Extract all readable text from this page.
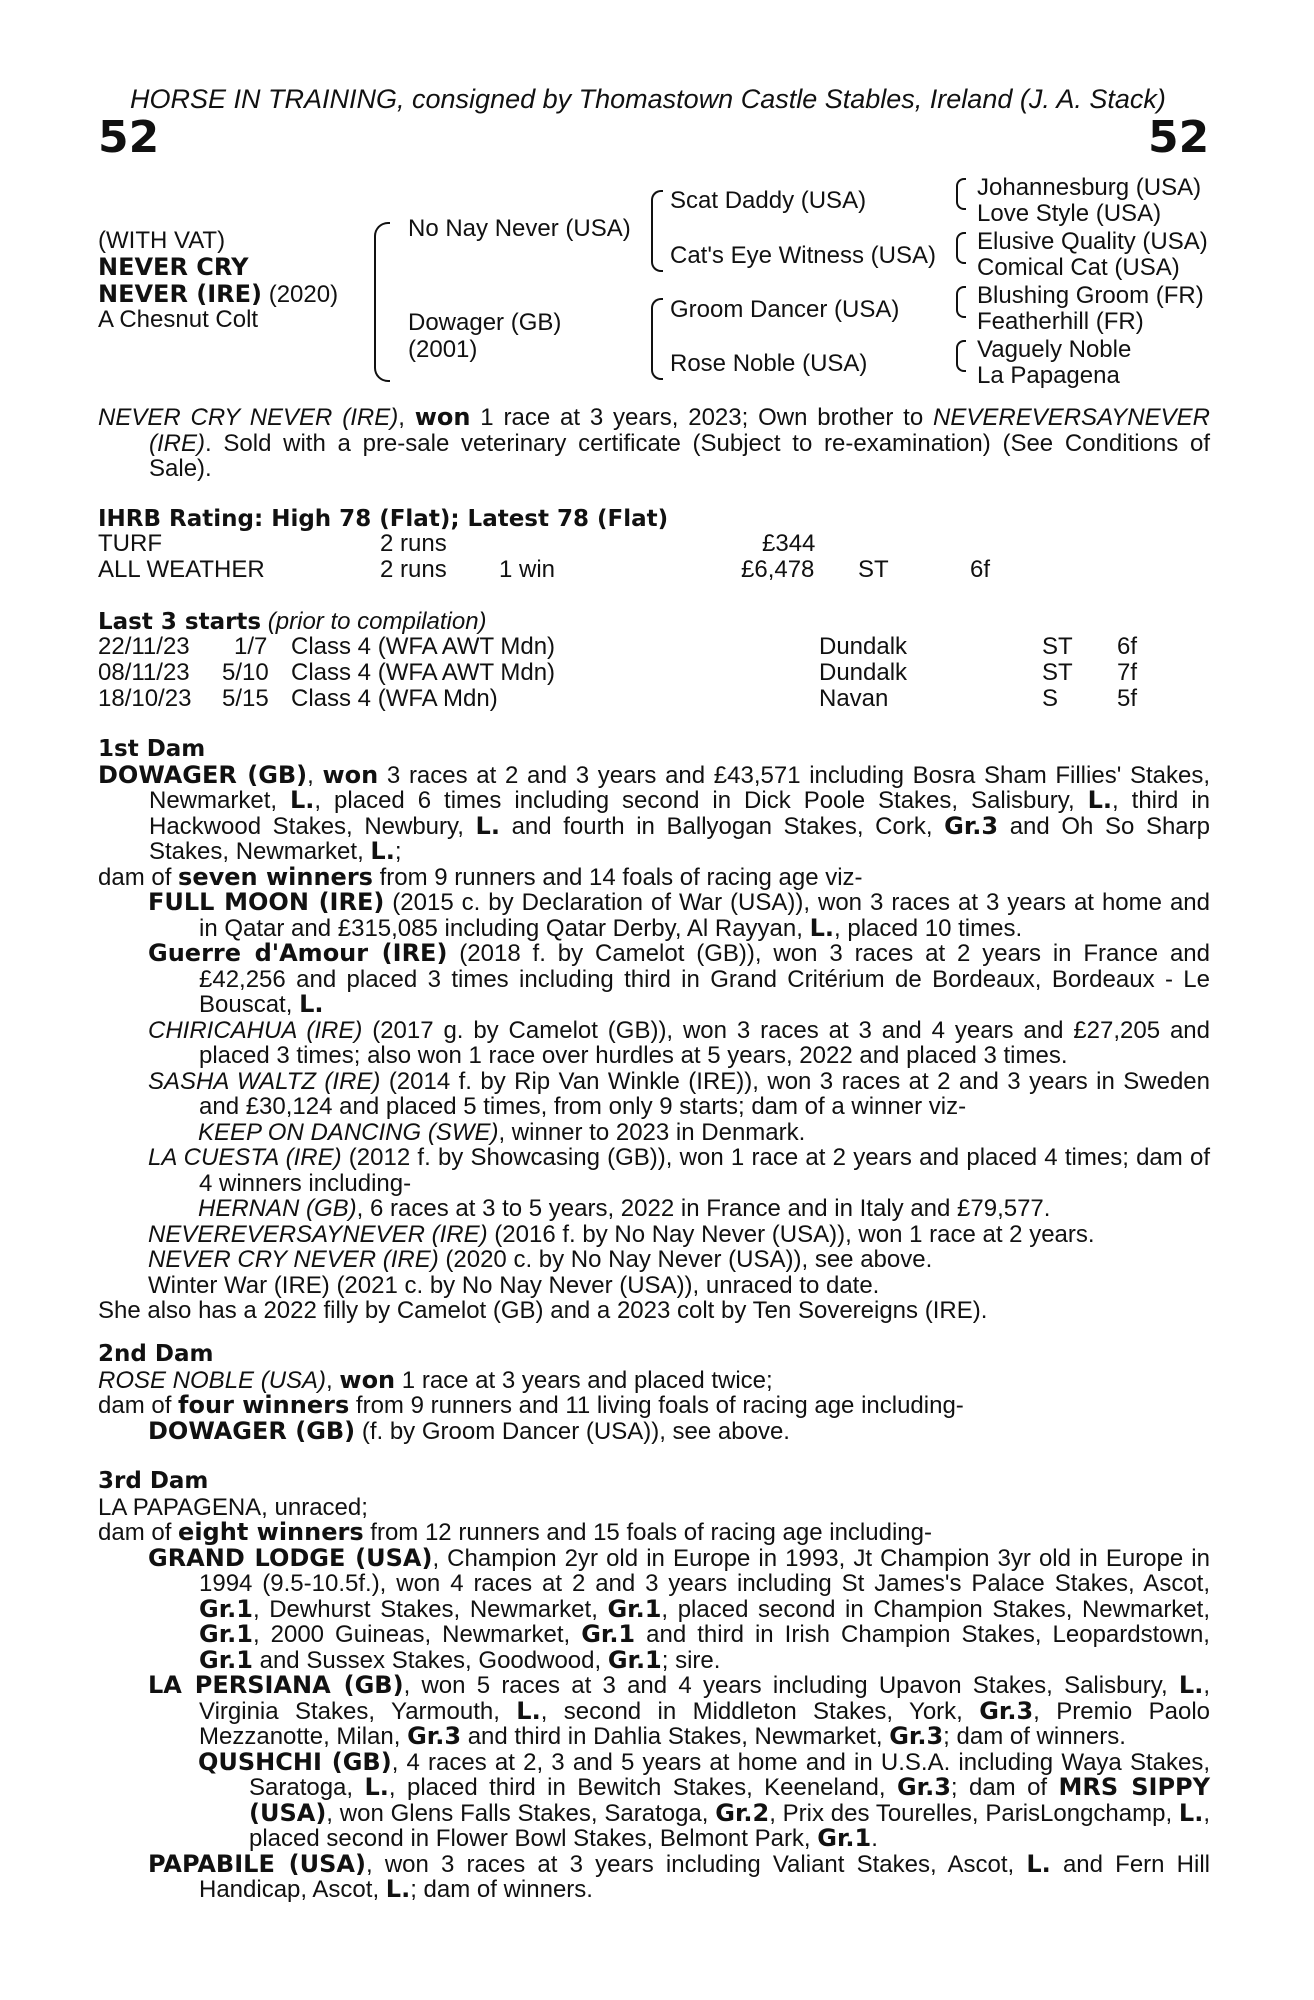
HORSE IN TRAINING, consigned by Thomastown Castle Stables, Ireland (J. A. Stack)
52	52
(WITH VAT)
NEVER CRY
NEVER (IRE) (2020)
A Chesnut Colt
No Nay Never (USA)
Dowager (GB)
(2001)
Scat Daddy (USA)
Cat's Eye Witness (USA)
Groom Dancer (USA)
Rose Noble (USA)
Johannesburg (USA)
Love Style (USA)
Elusive Quality (USA)
Comical Cat (USA)
Blushing Groom (FR)
Featherhill (FR)
Vaguely Noble
La Papagena

NEVER CRY NEVER (IRE), won 1 race at 3 years, 2023; Own brother to NEVEREVERSAYNEVER (IRE). Sold with a pre-sale veterinary certificate (Subject to re-examination) (See Conditions of Sale).

IHRB Rating: High 78 (Flat); Latest 78 (Flat)
TURF	2 runs	£344
ALL WEATHER	2 runs 1 win	£6,478 ST	6f
Last 3 starts (prior to compilation)
22/11/23 1/7 Class 4 (WFA AWT Mdn)	Dundalk	ST 6f
08/11/23 5/10 Class 4 (WFA AWT Mdn)	Dundalk	ST 7f
18/10/23 5/15 Class 4 (WFA Mdn)	Navan	S 5f

1st Dam

DOWAGER (GB), won 3 races at 2 and 3 years and £43,571 including Bosra Sham Fillies' Stakes, Newmarket, L., placed 6 times including second in Dick Poole Stakes, Salisbury, L., third in Hackwood Stakes, Newbury, L. and fourth in Ballyogan Stakes, Cork, Gr.3 and Oh So Sharp Stakes, Newmarket, L.;

dam of seven winners from 9 runners and 14 foals of racing age viz-

FULL MOON (IRE) (2015 c. by Declaration of War (USA)), won 3 races at 3 years at home and in Qatar and £315,085 including Qatar Derby, Al Rayyan, L., placed 10 times.

Guerre d'Amour (IRE) (2018 f. by Camelot (GB)), won 3 races at 2 years in France and £42,256 and placed 3 times including third in Grand Critérium de Bordeaux, Bordeaux - Le Bouscat, L.

CHIRICAHUA (IRE) (2017 g. by Camelot (GB)), won 3 races at 3 and 4 years and £27,205 and placed 3 times; also won 1 race over hurdles at 5 years, 2022 and placed 3 times.

SASHA WALTZ (IRE) (2014 f. by Rip Van Winkle (IRE)), won 3 races at 2 and 3 years in Sweden and £30,124 and placed 5 times, from only 9 starts; dam of a winner viz-

KEEP ON DANCING (SWE), winner to 2023 in Denmark.

LA CUESTA (IRE) (2012 f. by Showcasing (GB)), won 1 race at 2 years and placed 4 times; dam of 4 winners including-

HERNAN (GB), 6 races at 3 to 5 years, 2022 in France and in Italy and £79,577.

NEVEREVERSAYNEVER (IRE) (2016 f. by No Nay Never (USA)), won 1 race at 2 years.

NEVER CRY NEVER (IRE) (2020 c. by No Nay Never (USA)), see above.

Winter War (IRE) (2021 c. by No Nay Never (USA)), unraced to date.

She also has a 2022 filly by Camelot (GB) and a 2023 colt by Ten Sovereigns (IRE).

2nd Dam

ROSE NOBLE (USA), won 1 race at 3 years and placed twice;

dam of four winners from 9 runners and 11 living foals of racing age including-

DOWAGER (GB) (f. by Groom Dancer (USA)), see above.

3rd Dam

LA PAPAGENA, unraced;

dam of eight winners from 12 runners and 15 foals of racing age including-

GRAND LODGE (USA), Champion 2yr old in Europe in 1993, Jt Champion 3yr old in Europe in 1994 (9.5-10.5f.), won 4 races at 2 and 3 years including St James's Palace Stakes, Ascot, Gr.1, Dewhurst Stakes, Newmarket, Gr.1, placed second in Champion Stakes, Newmarket, Gr.1, 2000 Guineas, Newmarket, Gr.1 and third in Irish Champion Stakes, Leopardstown, Gr.1 and Sussex Stakes, Goodwood, Gr.1; sire.

LA PERSIANA (GB), won 5 races at 3 and 4 years including Upavon Stakes, Salisbury, L., Virginia Stakes, Yarmouth, L., second in Middleton Stakes, York, Gr.3, Premio Paolo Mezzanotte, Milan, Gr.3 and third in Dahlia Stakes, Newmarket, Gr.3; dam of winners.

QUSHCHI (GB), 4 races at 2, 3 and 5 years at home and in U.S.A. including Waya Stakes, Saratoga, L., placed third in Bewitch Stakes, Keeneland, Gr.3; dam of MRS SIPPY (USA), won Glens Falls Stakes, Saratoga, Gr.2, Prix des Tourelles, ParisLongchamp, L., placed second in Flower Bowl Stakes, Belmont Park, Gr.1.

PAPABILE (USA), won 3 races at 3 years including Valiant Stakes, Ascot, L. and Fern Hill Handicap, Ascot, L.; dam of winners.
